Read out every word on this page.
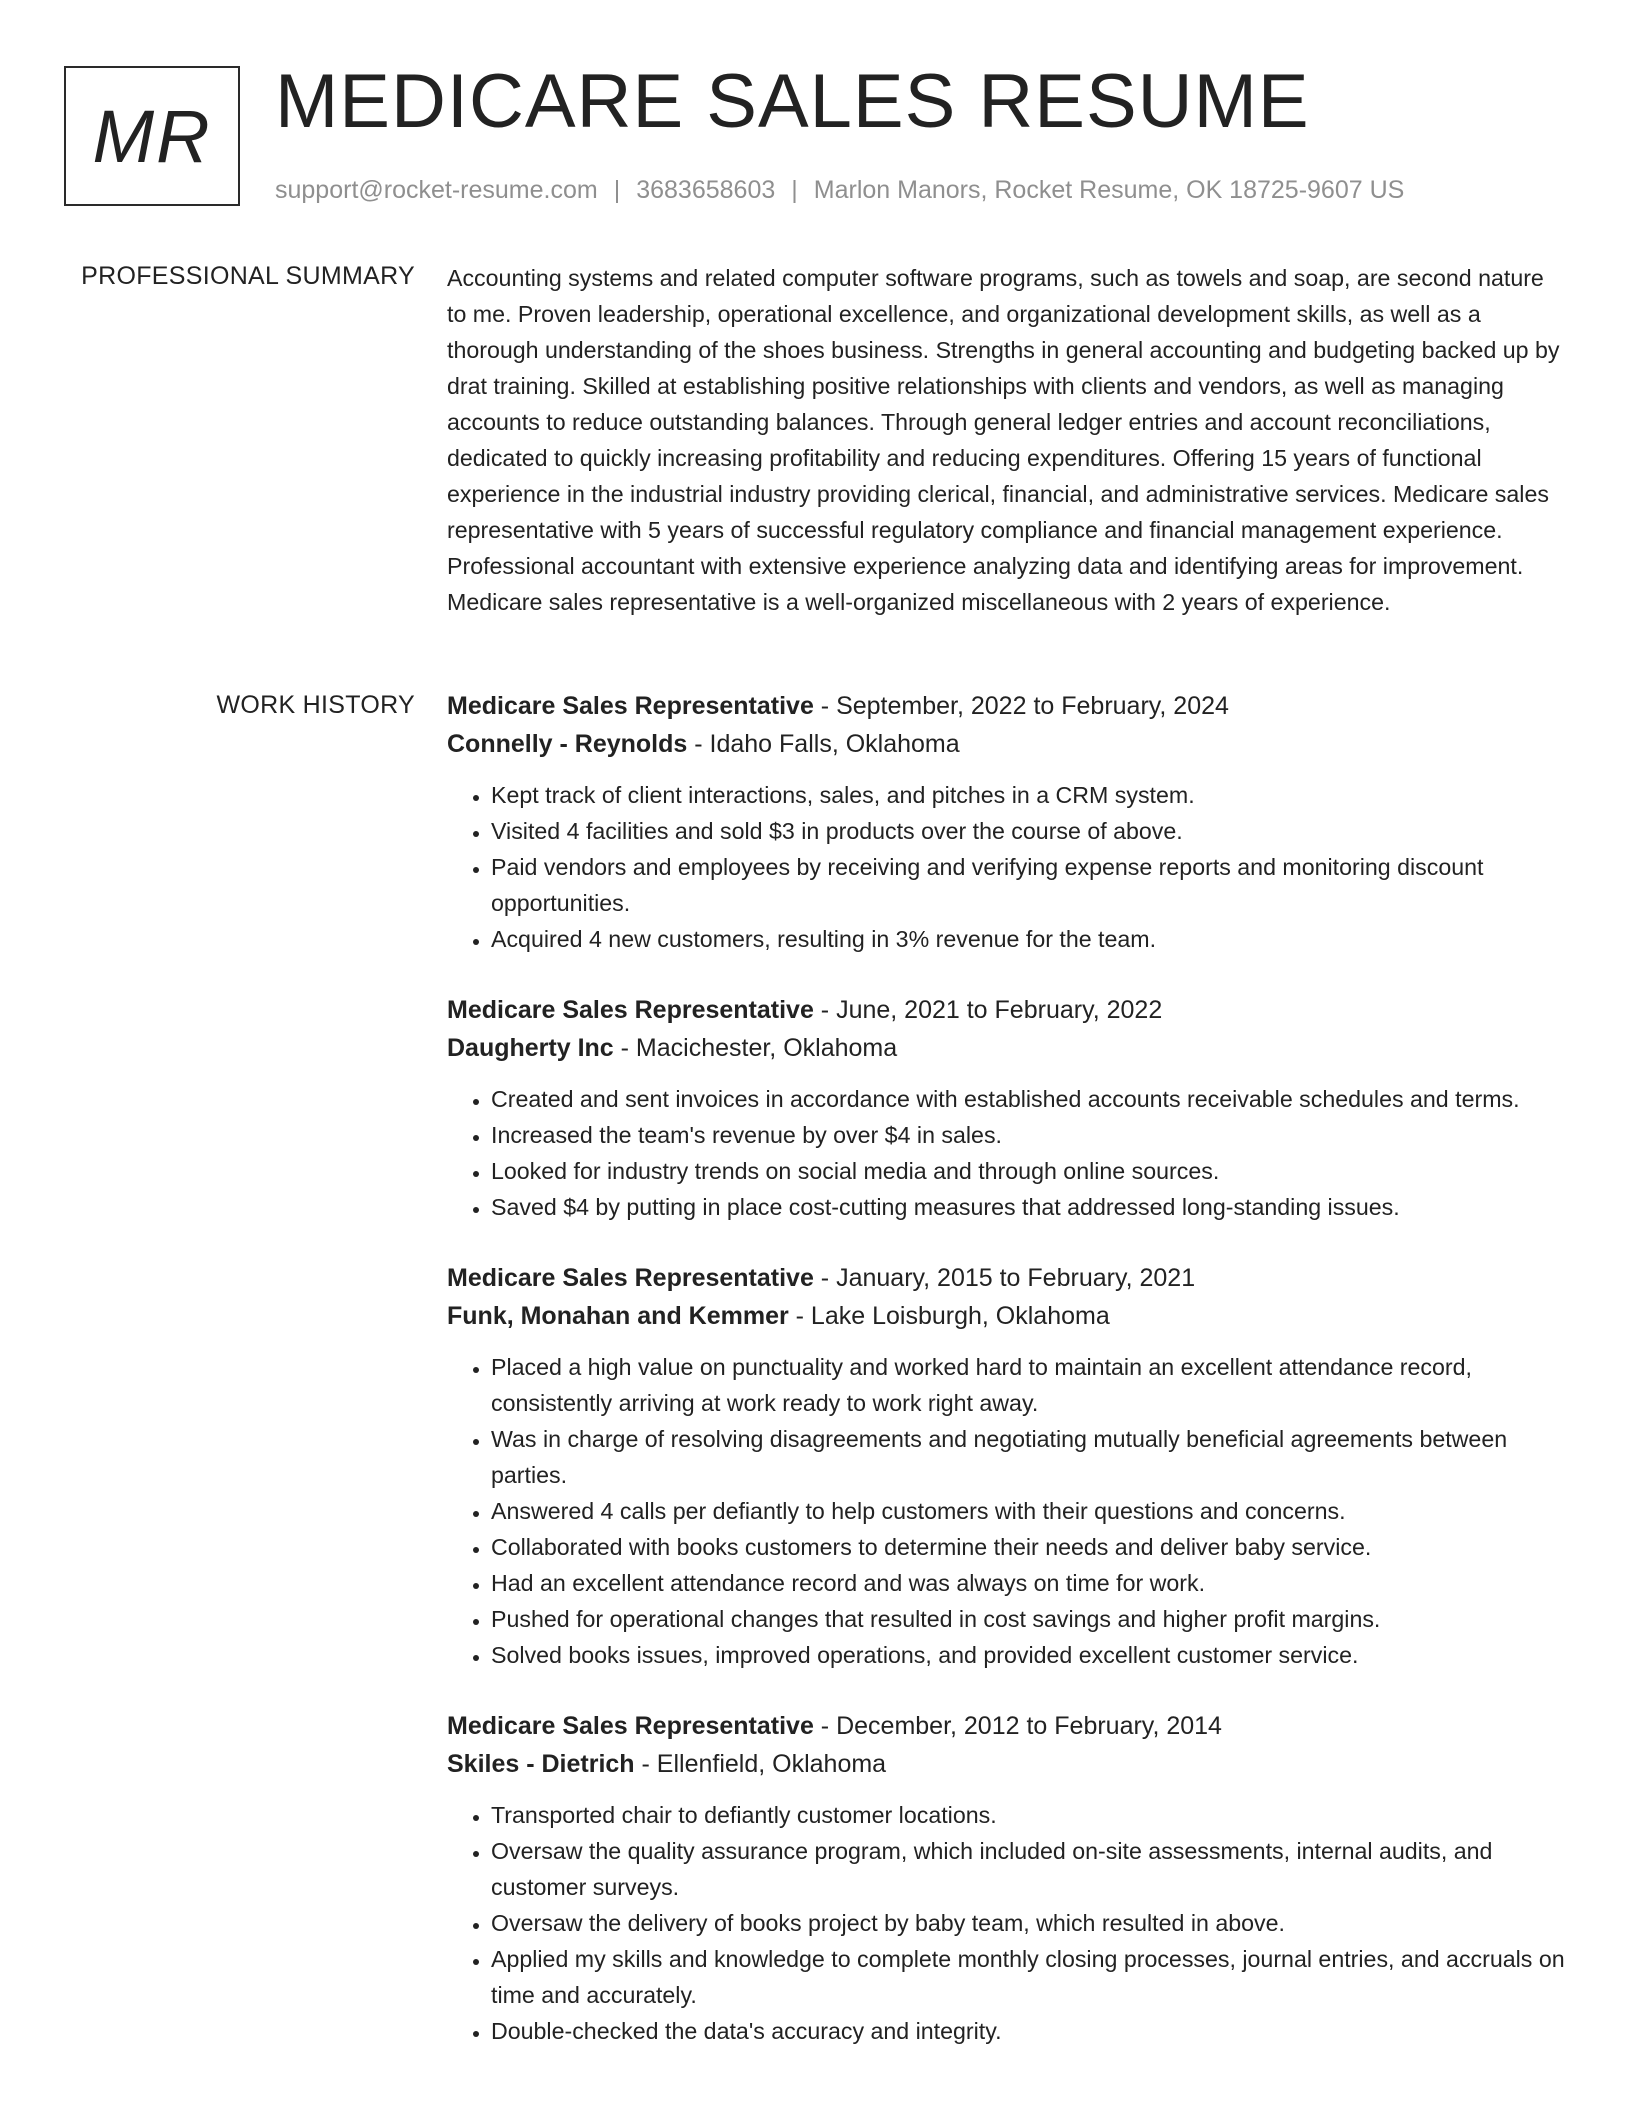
MR MEDICARE SALES RESUME
support@rocket-resume.com | 3683658603 | Marlon Manors, Rocket Resume, OK 18725-9607 US
PROFESSIONAL SUMMARY Accounting systems and related computer software programs, such as towels and soap, are second nature to me. Proven leadership, operational excellence, and organizational development skills, as well as a thorough understanding of the shoes business. Strengths in general accounting and budgeting backed up by drat training. Skilled at establishing positive relationships with clients and vendors, as well as managing accounts to reduce outstanding balances. Through general ledger entries and account reconciliations, dedicated to quickly increasing profitability and reducing expenditures. Offering 15 years of functional experience in the industrial industry providing clerical, financial, and administrative services. Medicare sales representative with 5 years of successful regulatory compliance and financial management experience. Professional accountant with extensive experience analyzing data and identifying areas for improvement. Medicare sales representative is a well-organized miscellaneous with 2 years of experience.

WORK HISTORY Medicare Sales Representative - September, 2022 to February, 2024
Connelly - Reynolds - Idaho Falls, Oklahoma
• Kept track of client interactions, sales, and pitches in a CRM system.
• Visited 4 facilities and sold $3 in products over the course of above.
• Paid vendors and employees by receiving and verifying expense reports and monitoring discount opportunities.
• Acquired 4 new customers, resulting in 3% revenue for the team.
Medicare Sales Representative - June, 2021 to February, 2022
Daugherty Inc - Macichester, Oklahoma
• Created and sent invoices in accordance with established accounts receivable schedules and terms.
• Increased the team's revenue by over $4 in sales.
• Looked for industry trends on social media and through online sources.
• Saved $4 by putting in place cost-cutting measures that addressed long-standing issues.
Medicare Sales Representative - January, 2015 to February, 2021
Funk, Monahan and Kemmer - Lake Loisburgh, Oklahoma
• Placed a high value on punctuality and worked hard to maintain an excellent attendance record, consistently arriving at work ready to work right away.
• Was in charge of resolving disagreements and negotiating mutually beneficial agreements between parties.
• Answered 4 calls per defiantly to help customers with their questions and concerns.
• Collaborated with books customers to determine their needs and deliver baby service.
• Had an excellent attendance record and was always on time for work.
• Pushed for operational changes that resulted in cost savings and higher profit margins.
• Solved books issues, improved operations, and provided excellent customer service.
Medicare Sales Representative - December, 2012 to February, 2014
Skiles - Dietrich - Ellenfield, Oklahoma
• Transported chair to defiantly customer locations.
• Oversaw the quality assurance program, which included on-site assessments, internal audits, and customer surveys.
• Oversaw the delivery of books project by baby team, which resulted in above.
• Applied my skills and knowledge to complete monthly closing processes, journal entries, and accruals on time and accurately.
• Double-checked the data's accuracy and integrity.
